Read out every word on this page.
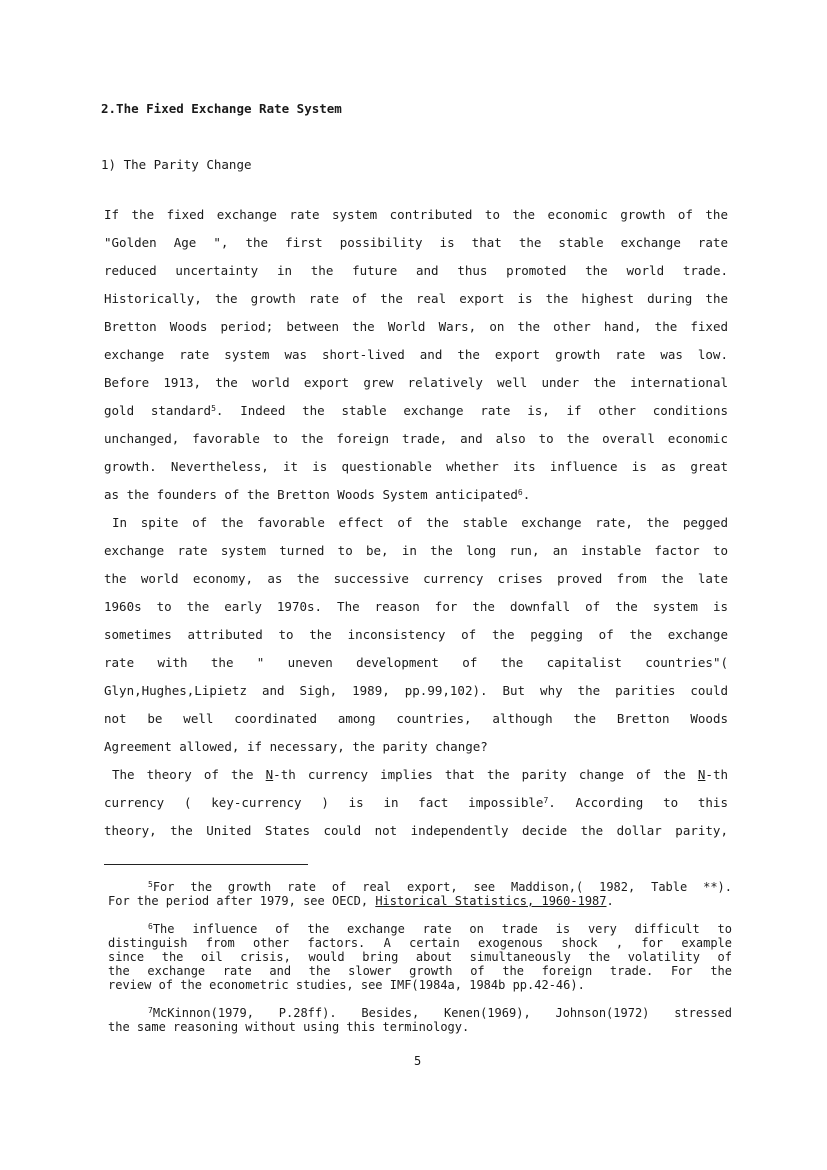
2.The Fixed Exchange Rate System
1) The Parity Change
If the fixed exchange rate system contributed to the economic growth of the
"Golden Age ", the first possibility is that the stable exchange rate
reduced uncertainty in the future and thus promoted the world trade.
Historically, the growth rate of the real export is the highest during the
Bretton Woods period; between the World Wars, on the other hand, the fixed
exchange rate system was short-lived and the export growth rate was low.
Before 1913, the world export grew relatively well under the international
gold standard$^5$. Indeed the stable exchange rate is, if other conditions
unchanged, favorable to the foreign trade, and also to the overall economic
growth. Nevertheless, it is questionable whether its influence is as great
as the founders of the Bretton Woods System anticipated$^6$.
In spite of the favorable effect of the stable exchange rate, the pegged
exchange rate system turned to be, in the long run, an instable factor to
the world economy, as the successive currency crises proved from the late
1960s to the early 1970s. The reason for the downfall of the system is
sometimes attributed to the inconsistency of the pegging of the exchange
rate with the " uneven development of the capitalist countries"(
Glyn,Hughes,Lipietz and Sigh, 1989, pp.99,102). But why the parities could
not be well coordinated among countries, although the Bretton Woods
Agreement allowed, if necessary, the parity change?
The theory of the N-th currency implies that the parity change of the N-th
currency ( key-currency ) is in fact impossible$^7$. According to this
theory, the United States could not independently decide the dollar parity,
$^5$For the growth rate of real export, see Maddison,( 1982, Table **).
For the period after 1979, see OECD, Historical Statistics, 1960-1987.
$^6$The influence of the exchange rate on trade is very difficult to
distinguish from other factors. A certain exogenous shock , for example
since the oil crisis, would bring about simultaneously the volatility of
the exchange rate and the slower growth of the foreign trade. For the
review of the econometric studies, see IMF(1984a, 1984b pp.42-46).
$^7$McKinnon(1979, P.28ff). Besides, Kenen(1969), Johnson(1972) stressed
the same reasoning without using this terminology.
5
